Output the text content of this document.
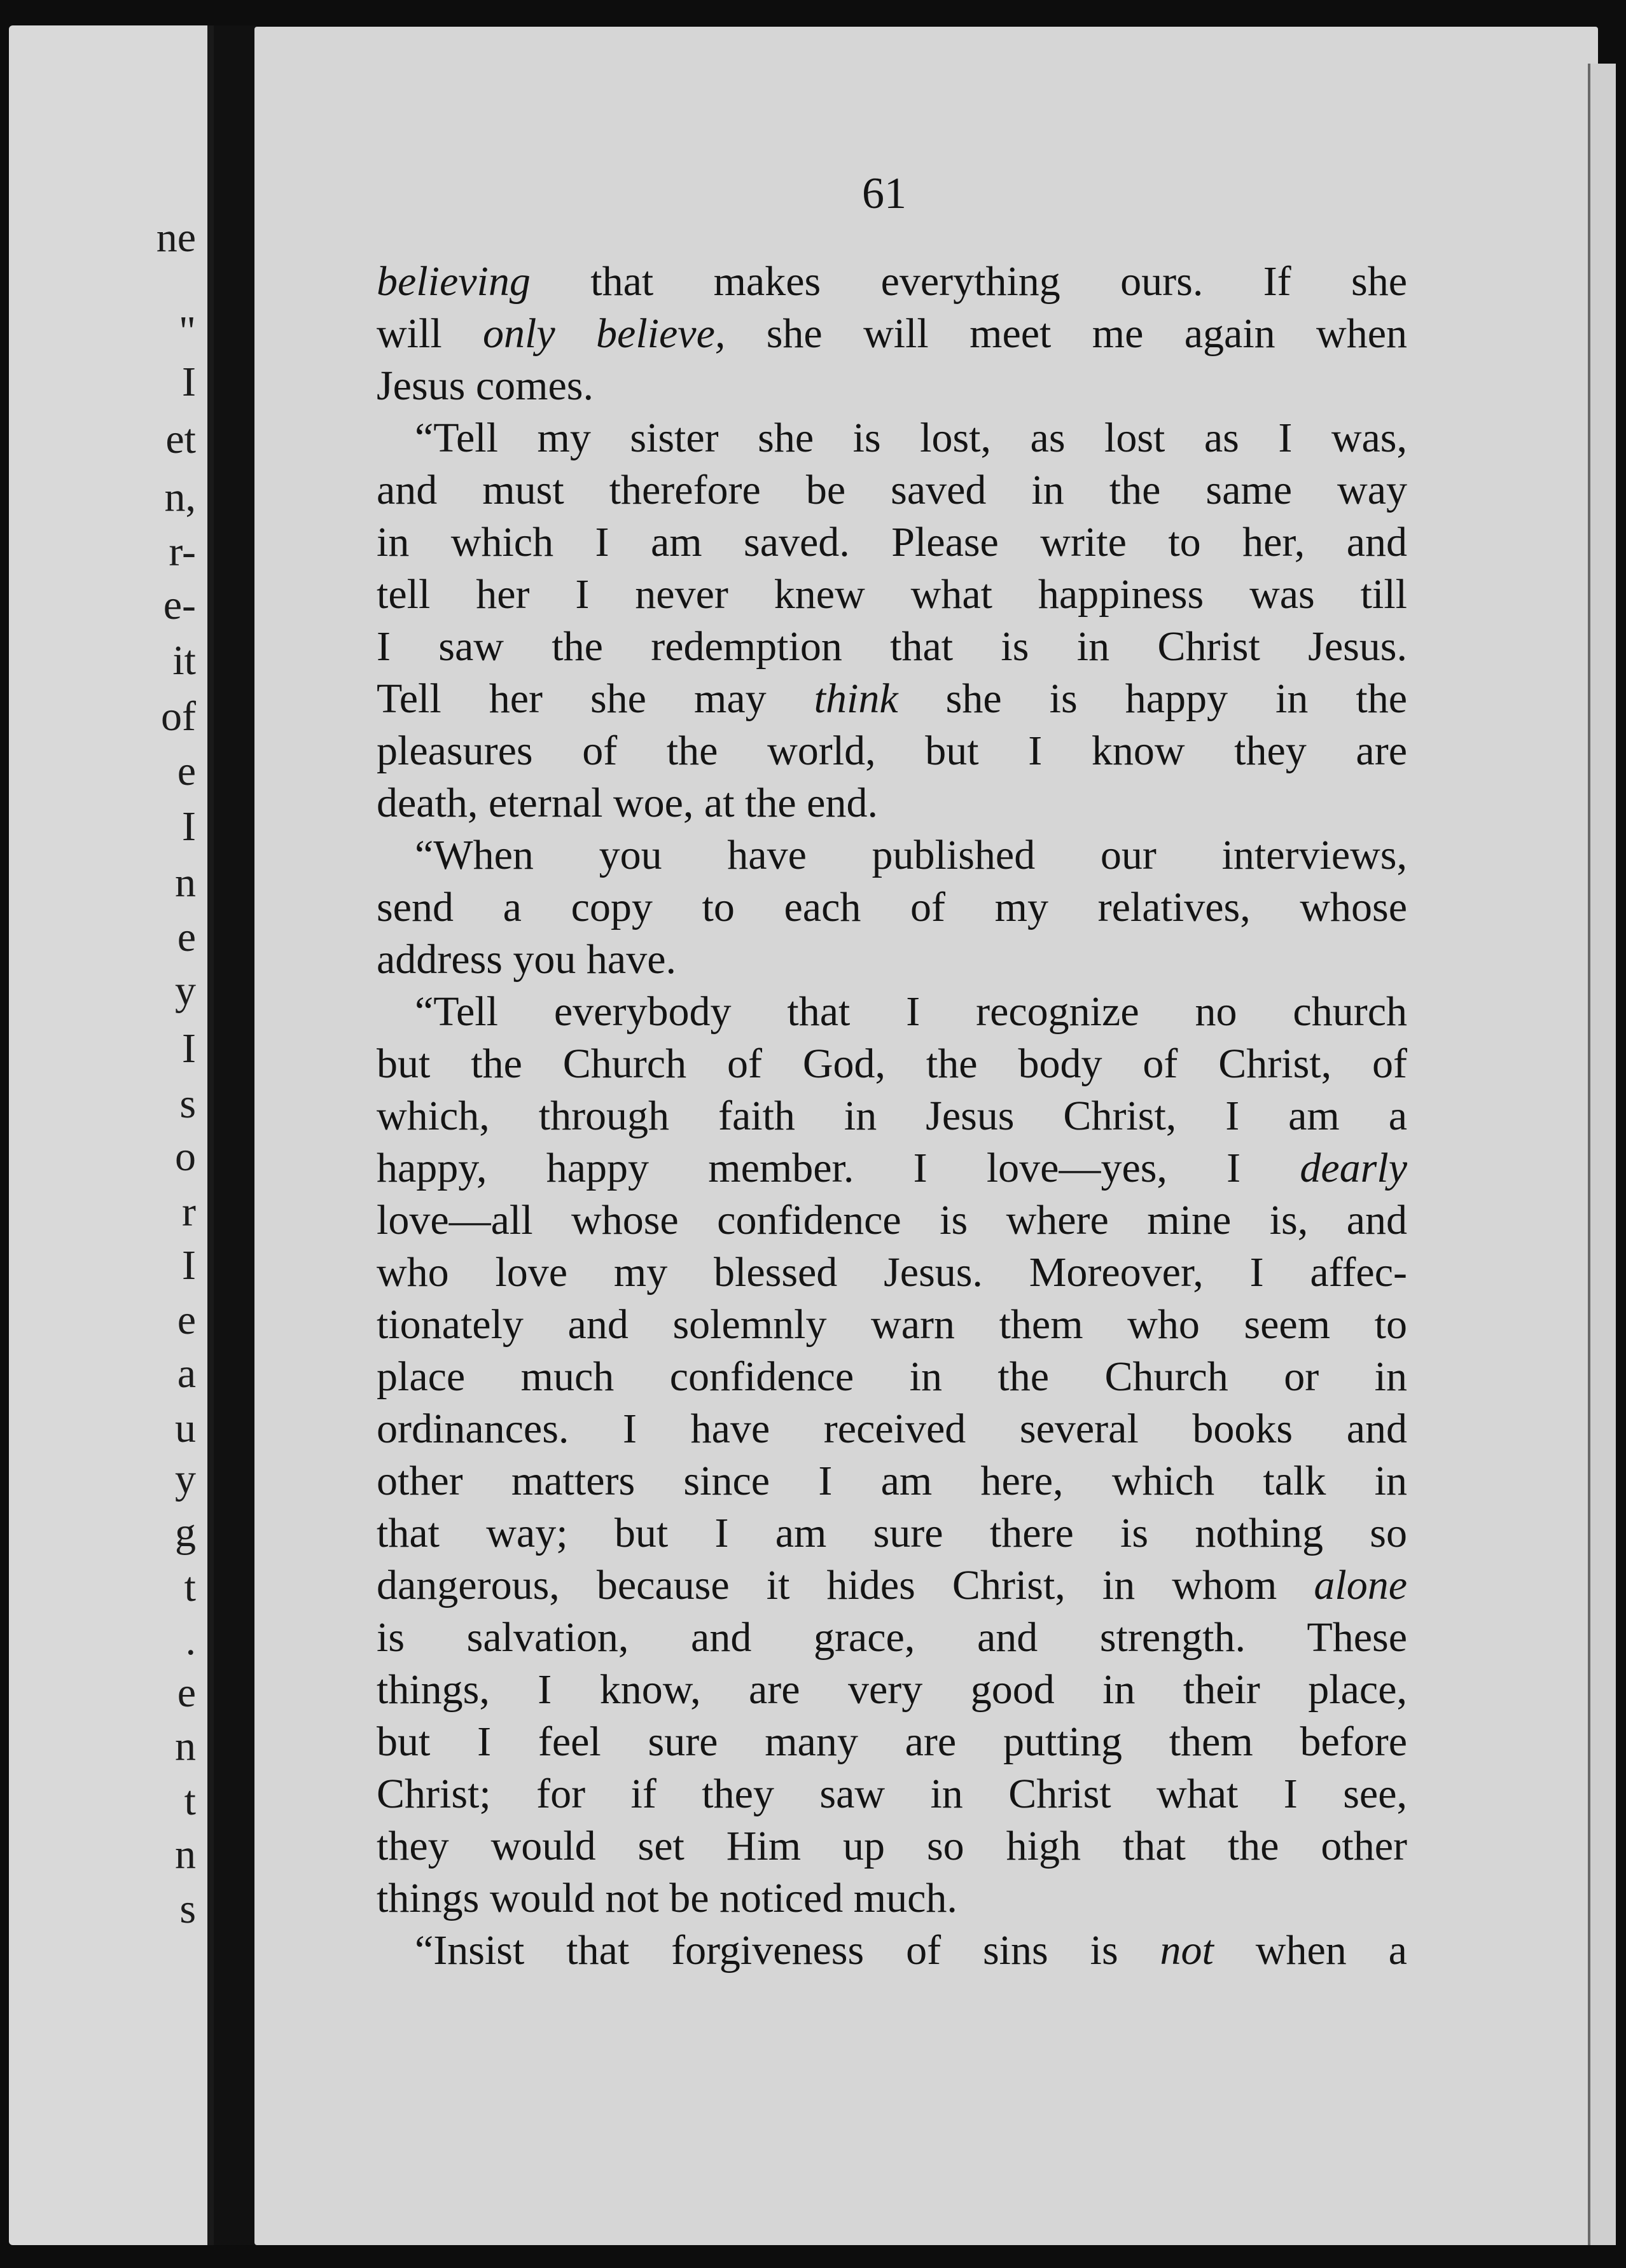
ne
"
I
et
n,
r-
e-
it
of
e
I
n
e
y
I
s
o
r
I
e
a
u
y
g
t
.
e
n
t
n
s
61
believing that makes everything ours. If she
will only believe, she will meet me again when
Jesus comes.
“Tell my sister she is lost, as lost as I was,
and must therefore be saved in the same way
in which I am saved. Please write to her, and
tell her I never knew what happiness was till
I saw the redemption that is in Christ Jesus.
Tell her she may think she is happy in the
pleasures of the world, but I know they are
death, eternal woe, at the end.
“When you have published our interviews,
send a copy to each of my relatives, whose
address you have.
“Tell everybody that I recognize no church
but the Church of God, the body of Christ, of
which, through faith in Jesus Christ, I am a
happy, happy member. I love—yes, I dearly
love—all whose confidence is where mine is, and
who love my blessed Jesus. Moreover, I affec-
tionately and solemnly warn them who seem to
place much confidence in the Church or in
ordinances. I have received several books and
other matters since I am here, which talk in
that way; but I am sure there is nothing so
dangerous, because it hides Christ, in whom alone
is salvation, and grace, and strength. These
things, I know, are very good in their place,
but I feel sure many are putting them before
Christ; for if they saw in Christ what I see,
they would set Him up so high that the other
things would not be noticed much.
“Insist that forgiveness of sins is not when a
